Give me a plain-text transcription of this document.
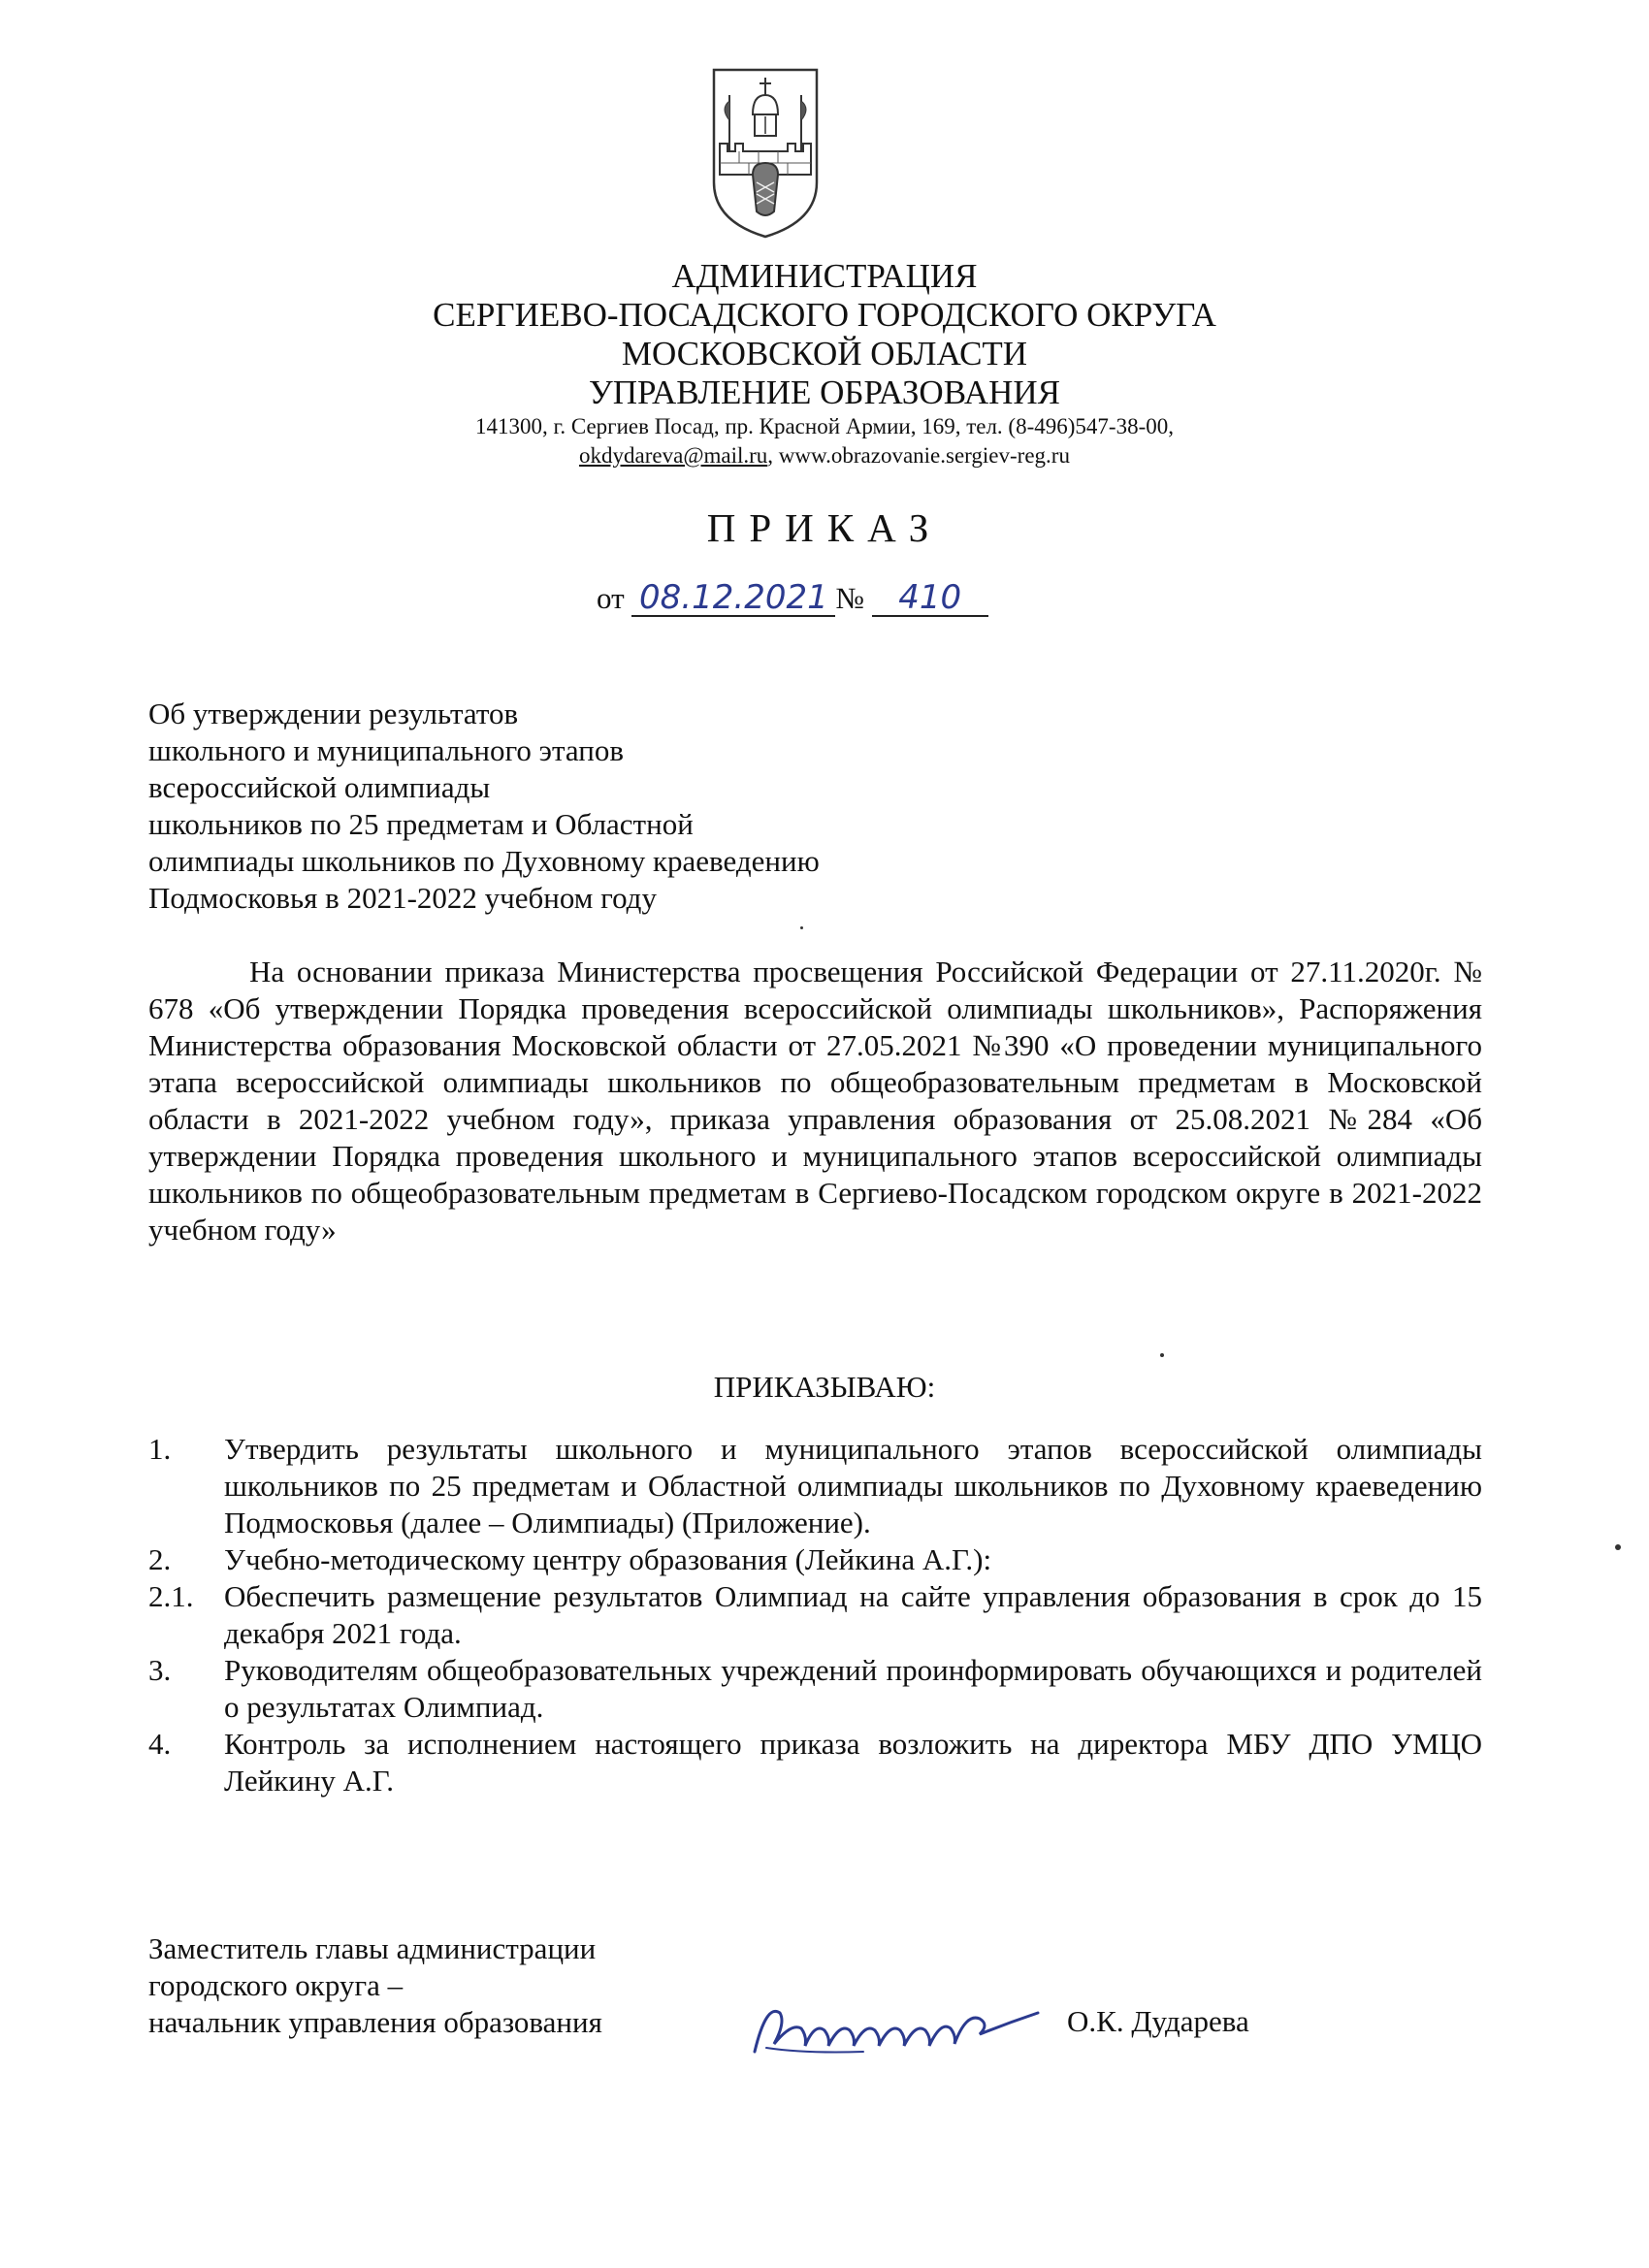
АДМИНИСТРАЦИЯ
СЕРГИЕВО-ПОСАДСКОГО ГОРОДСКОГО ОКРУГА
МОСКОВСКОЙ ОБЛАСТИ
УПРАВЛЕНИЕ ОБРАЗОВАНИЯ
141300, г. Сергиев Посад, пр. Красной Армии, 169, тел. (8-496)547-38-00,
okdydareva@mail.ru, www.obrazovanie.sergiev-reg.ru
ПРИКАЗ
от 08.12.2021 № 410
Об утверждении результатов
школьного и муниципального этапов
всероссийской олимпиады
школьников по 25 предметам и Областной
олимпиады школьников по Духовному краеведению
Подмосковья в 2021-2022 учебном году
На основании приказа Министерства просвещения Российской Федерации от 27.11.2020г. № 678 «Об утверждении Порядка проведения всероссийской олимпиады школьников», Распоряжения Министерства образования Московской области от 27.05.2021 №390 «О проведении муниципального этапа всероссийской олимпиады школьников по общеобразовательным предметам в Московской области в 2021-2022 учебном году», приказа управления образования от 25.08.2021 №284 «Об утверждении Порядка проведения школьного и муниципального этапов всероссийской олимпиады школьников по общеобразовательным предметам в Сергиево-Посадском городском округе в 2021-2022 учебном году»
ПРИКАЗЫВАЮ:
1.	Утвердить результаты школьного и муниципального этапов всероссийской олимпиады школьников по 25 предметам и Областной олимпиады школьников по Духовному краеведению Подмосковья (далее – Олимпиады) (Приложение).
2.	Учебно-методическому центру образования (Лейкина А.Г.):
2.1.	Обеспечить размещение результатов Олимпиад на сайте управления образования в срок до 15 декабря 2021 года.
3.	Руководителям общеобразовательных учреждений проинформировать обучающихся и родителей о результатах Олимпиад.
4.	Контроль за исполнением настоящего приказа возложить на директора МБУ ДПО УМЦО Лейкину А.Г.
Заместитель главы администрации
городского округа –
начальник управления образования	О.К. Дударева
